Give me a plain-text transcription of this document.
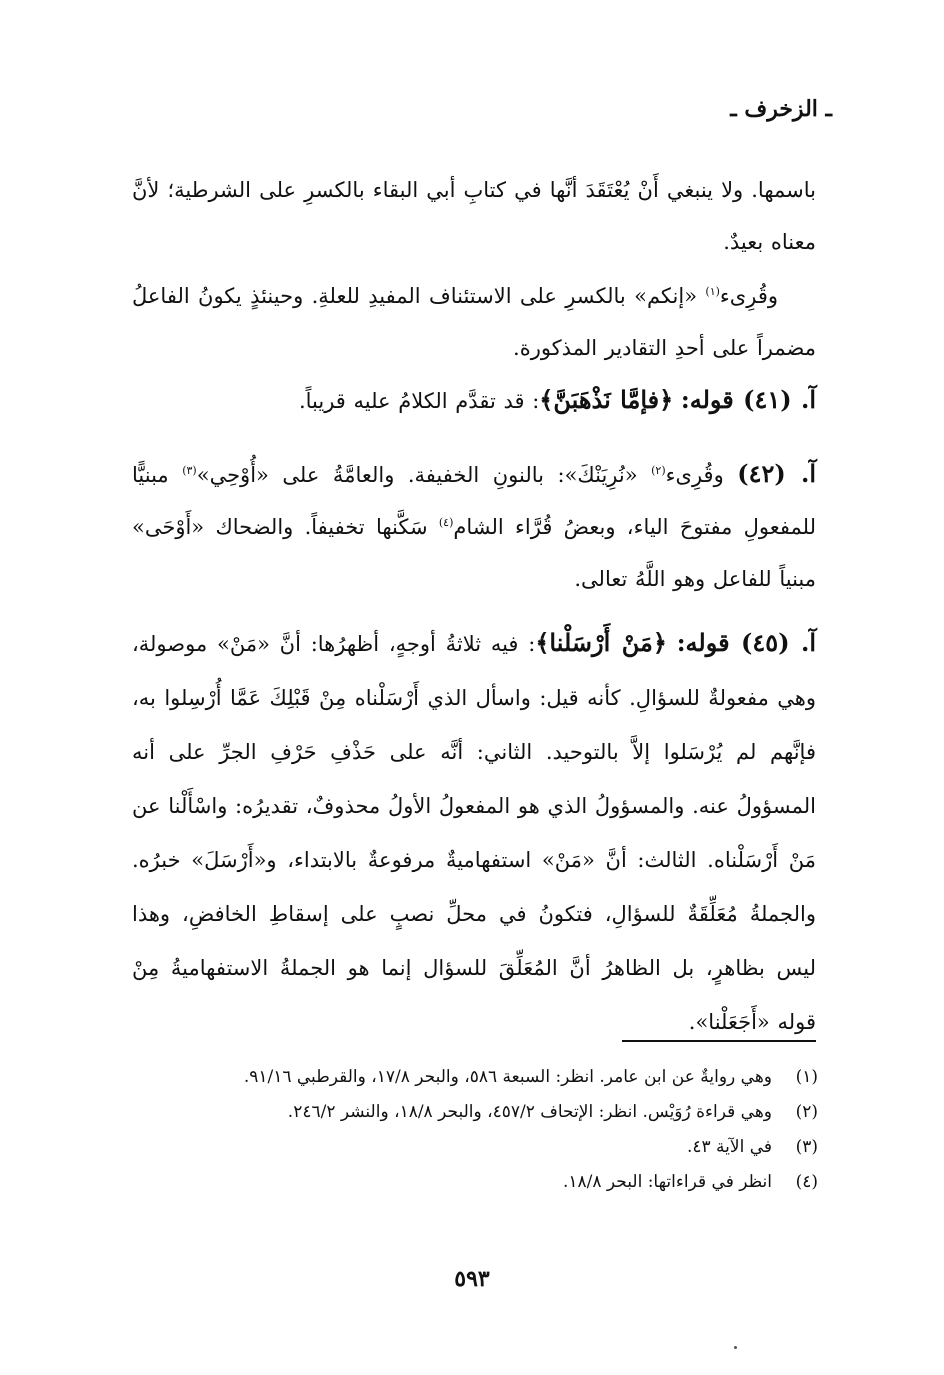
ـ الزخرف ـ

باسمها. ولا ينبغي أَنْ يُعْتَقَدَ أنَّها في كتابِ أبي البقاء بالكسرِ على الشرطية؛ لأنَّ معناه بعيدٌ.

وقُرِىء$^{(١)}$ «إنكم» بالكسرِ على الاستئناف المفيدِ للعلةِ. وحينئذٍ يكونُ الفاعلُ مضمراً على أحدِ التقادير المذكورة.

آ. (٤١) قوله: ﴿فإمَّا نَذْهَبَنَّ﴾: قد تقدَّم الكلامُ عليه قريباً.

آ. (٤٢) وقُرِىء$^{(٢)}$ «نُرِيَنْكَ»: بالنونِ الخفيفة. والعامَّةُ على «أُوْحِي»$^{(٣)}$ مبنيًّا للمفعولِ مفتوحَ الياء، وبعضُ قُرَّاء الشام$^{(٤)}$ سَكَّنها تخفيفاً. والضحاك «أَوْحَى» مبنياً للفاعل وهو اللَّهُ تعالى.

آ. (٤٥) قوله: ﴿مَنْ أَرْسَلْنا﴾: فيه ثلاثةُ أوجهٍ، أظهرُها: أنَّ «مَنْ» موصولة، وهي مفعولةٌ للسؤالِ. كأنه قيل: واسأل الذي أَرْسَلْناه مِنْ قَبْلِكَ عَمَّا أُرْسِلوا به، فإنَّهم لم يُرْسَلوا إلاَّ بالتوحيد. الثاني: أنَّه على حَذْفِ حَرْفِ الجرِّ على أنه المسؤولُ عنه. والمسؤولُ الذي هو المفعولُ الأولُ محذوفٌ، تقديرُه: واسْأَلْنا عن مَنْ أَرْسَلْناه. الثالث: أنَّ «مَنْ» استفهاميةٌ مرفوعةٌ بالابتداء، و«أَرْسَلَ» خبرُه. والجملةُ مُعَلِّقَةٌ للسؤالِ، فتكونُ في محلِّ نصبٍ على إسقاطِ الخافضِ، وهذا ليس بظاهرٍ، بل الظاهرُ أنَّ المُعَلِّقَ للسؤال إنما هو الجملةُ الاستفهاميةُ مِنْ قوله «أَجَعَلْنا».

(١)
وهي روايةٌ عن ابن عامر. انظر: السبعة ٥٨٦، والبحر ١٧/٨، والقرطبي ٩١/١٦.
(٢)
وهي قراءة رُوَيْس. انظر: الإتحاف ٤٥٧/٢، والبحر ١٨/٨، والنشر ٢٤٦/٢.
(٣)
في الآية ٤٣.
(٤)
انظر في قراءاتها: البحر ١٨/٨.
٥٩٣
